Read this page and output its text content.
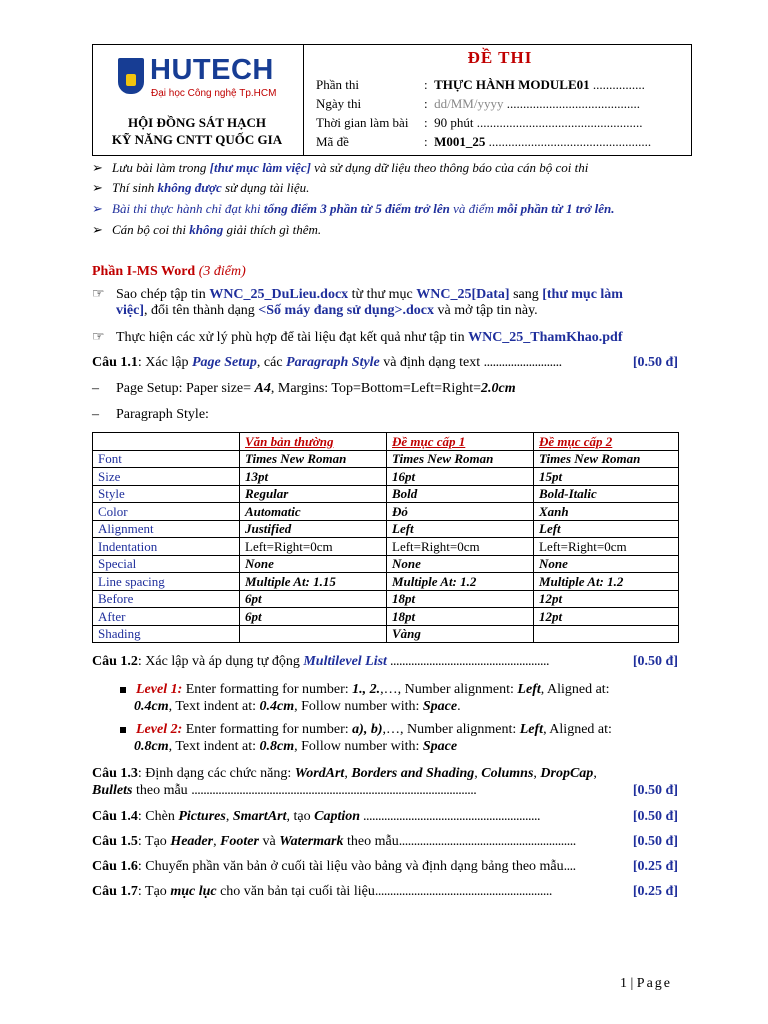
HUTECH
Đại học Công nghệ Tp.HCM
HỘI ĐỒNG SÁT HẠCH
KỸ NĂNG CNTT QUỐC GIA
ĐỀ THI
Phần thi	:  THỰC HÀNH MODULE01 ................
Ngày thi	:  dd/MM/yyyy .........................................
Thời gian làm bài :  90 phút ...................................................
Mã đề	:  M001_25 ..................................................
➢ Lưu bài làm trong [thư mục làm việc] và sử dụng dữ liệu theo thông báo của cán bộ coi thi
➢ Thí sinh không được sử dụng tài liệu.
➢ Bài thi thực hành chỉ đạt khi tổng điểm 3 phần từ 5 điểm trở lên và điểm mỗi phần từ 1 trở lên.
➢ Cán bộ coi thi không giải thích gì thêm.
Phần I-MS Word (3 điểm)
☞ Sao chép tập tin WNC_25_DuLieu.docx từ thư mục WNC_25[Data] sang [thư mục làm
việc], đổi tên thành dạng <Số máy đang sử dụng>.docx và mở tập tin này.
☞ Thực hiện các xử lý phù hợp để tài liệu đạt kết quả như tập tin WNC_25_ThamKhao.pdf
Câu 1.1: Xác lập Page Setup, các Paragraph Style và định dạng text ..........................	[0.50 đ]
– Page Setup: Paper size= A4, Margins: Top=Bottom=Left=Right=2.0cm
– Paragraph Style:
	Văn bản thường	Đề mục cấp 1	Đề mục cấp 2
Font	Times New Roman	Times New Roman	Times New Roman
Size	13pt	16pt	15pt
Style	Regular	Bold	Bold-Italic
Color	Automatic	Đỏ	Xanh
Alignment	Justified	Left	Left
Indentation	Left=Right=0cm	Left=Right=0cm	Left=Right=0cm
Special	None	None	None
Line spacing	Multiple At: 1.15	Multiple At: 1.2	Multiple At: 1.2
Before	6pt	18pt	12pt
After	6pt	18pt	12pt
Shading		Vàng	
Câu 1.2: Xác lập và áp dụng tự động Multilevel List .....................................................	[0.50 đ]
Level 1: Enter formatting for number: 1., 2.,…, Number alignment: Left, Aligned at:
0.4cm, Text indent at: 0.4cm, Follow number with: Space.
Level 2: Enter formatting for number: a), b),…, Number alignment: Left, Aligned at:
0.8cm, Text indent at: 0.8cm, Follow number with: Space
Câu 1.3: Định dạng các chức năng: WordArt, Borders and Shading, Columns, DropCap,
Bullets theo mẫu ...............................................................................................	[0.50 đ]
Câu 1.4: Chèn Pictures, SmartArt, tạo Caption ...........................................................	[0.50 đ]
Câu 1.5: Tạo Header, Footer và Watermark theo mẫu...........................................................	[0.50 đ]
Câu 1.6: Chuyển phần văn bản ở cuối tài liệu vào bảng và định dạng bảng theo mẫu....	[0.25 đ]
Câu 1.7: Tạo mục lục cho văn bản tại cuối tài liệu...........................................................	[0.25 đ]
1 | Page
